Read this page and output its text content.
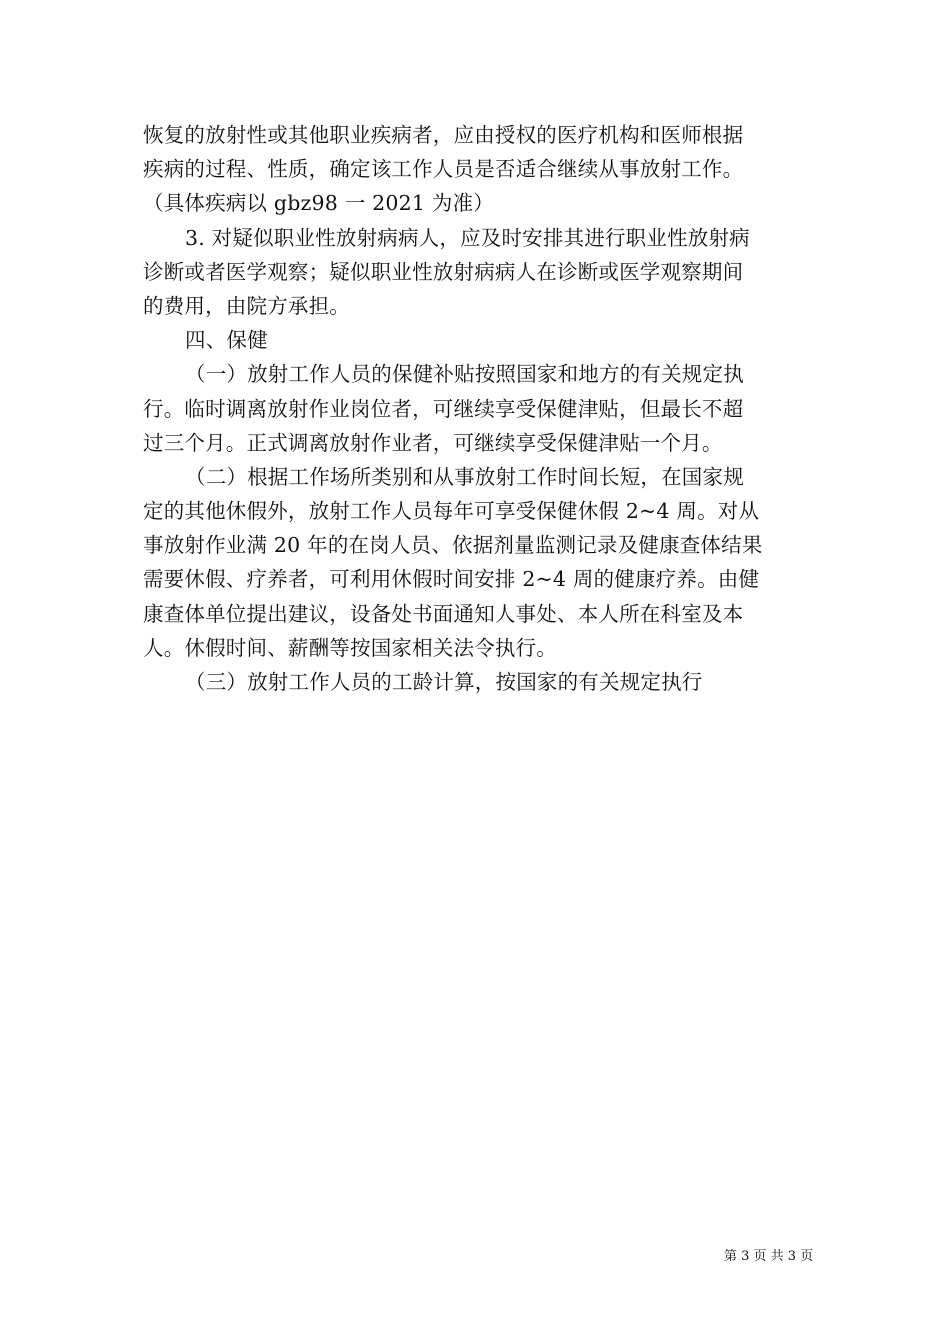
恢复的放射性或其他职业疾病者，应由授权的医疗机构和医师根据

疾病的过程、性质，确定该工作人员是否适合继续从事放射工作。

（具体疾病以 gbz98 一 2021 为准）

3. 对疑似职业性放射病病人，应及时安排其进行职业性放射病

诊断或者医学观察；疑似职业性放射病病人在诊断或医学观察期间

的费用，由院方承担。

四、保健

（一）放射工作人员的保健补贴按照国家和地方的有关规定执

行。临时调离放射作业岗位者，可继续享受保健津贴，但最长不超

过三个月。正式调离放射作业者，可继续享受保健津贴一个月。

（二）根据工作场所类别和从事放射工作时间长短，在国家规

定的其他休假外，放射工作人员每年可享受保健休假 2~4 周。对从

事放射作业满 20 年的在岗人员、依据剂量监测记录及健康查体结果

需要休假、疗养者，可利用休假时间安排 2~4 周的健康疗养。由健

康查体单位提出建议，设备处书面通知人事处、本人所在科室及本

人。休假时间、薪酬等按国家相关法令执行。

（三）放射工作人员的工龄计算，按国家的有关规定执行

第 3 页 共 3 页
